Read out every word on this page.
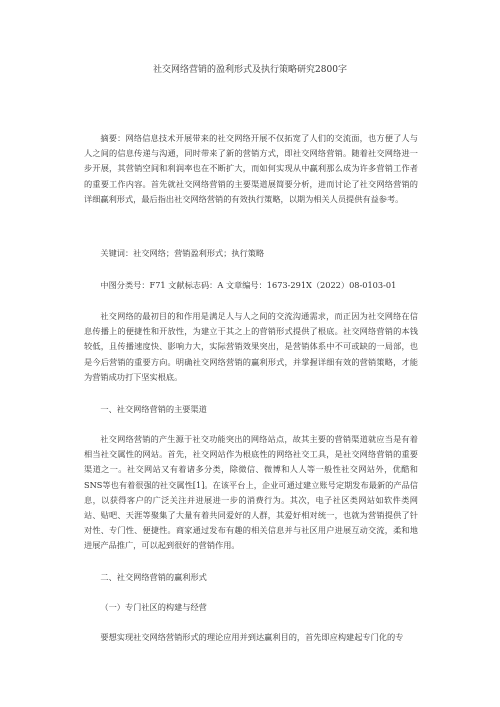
社交网络营销的盈利形式及执行策略研究2800字

摘要：网络信息技术开展带来的社交网络开展不仅拓宽了人们的交流面，也方便了人与人之间的信息传递与沟通，同时带来了新的营销方式，即社交网络营销。随着社交网络进一步开展，其营销空间和利润率也在不断扩大，而如何实现从中赢利那么成为许多营销工作者的重要工作内容。首先就社交网络营销的主要渠道展简要分析，进而讨论了社交网络营销的详细赢利形式，最后指出社交网络营销的有效执行策略，以期为相关人员提供有益参考。

关键词：社交网络；营销盈利形式；执行策略

中图分类号：F71 文献标志码：A 文章编号：1673-291X（2022）08-0103-01

社交网络的最初目的和作用是满足人与人之间的交流沟通需求，而正因为社交网络在信息传播上的便捷性和开放性，为建立于其之上的营销形式提供了根底。社交网络营销的本钱较低，且传播速度快、影响力大，实际营销效果突出，是营销体系中不可或缺的一局部，也是今后营销的重要方向。明确社交网络营销的赢利形式，并掌握详细有效的营销策略，才能为营销成功打下坚实根底。

一、社交网络营销的主要渠道

社交网络营销的产生源于社交功能突出的网络站点，故其主要的营销渠道就应当是有着相当社交属性的网站。首先，社交网站作为根底性的网络社交工具，是社交网络营销的重要渠道之一。社交网站又有着诸多分类，除微信、微博和人人等一般性社交网站外，优酷和SNS等也有着很强的社交属性[1]。在该平台上，企业可通过建立账号定期发布最新的产品信息，以获得客户的广泛关注并进展进一步的消费行为。其次，电子社区类网站如软件类网站、贴吧、天涯等聚集了大量有着共同爱好的人群，其爱好相对统一，也就为营销提供了针对性、专门性、便捷性。商家通过发布有趣的相关信息并与社区用户进展互动交流，柔和地进展产品推广，可以起到很好的营销作用。

二、社交网络营销的赢利形式

（一）专门社区的构建与经营

要想实现社交网络营销形式的理论应用并到达赢利目的，首先即应构建起专门化的专
